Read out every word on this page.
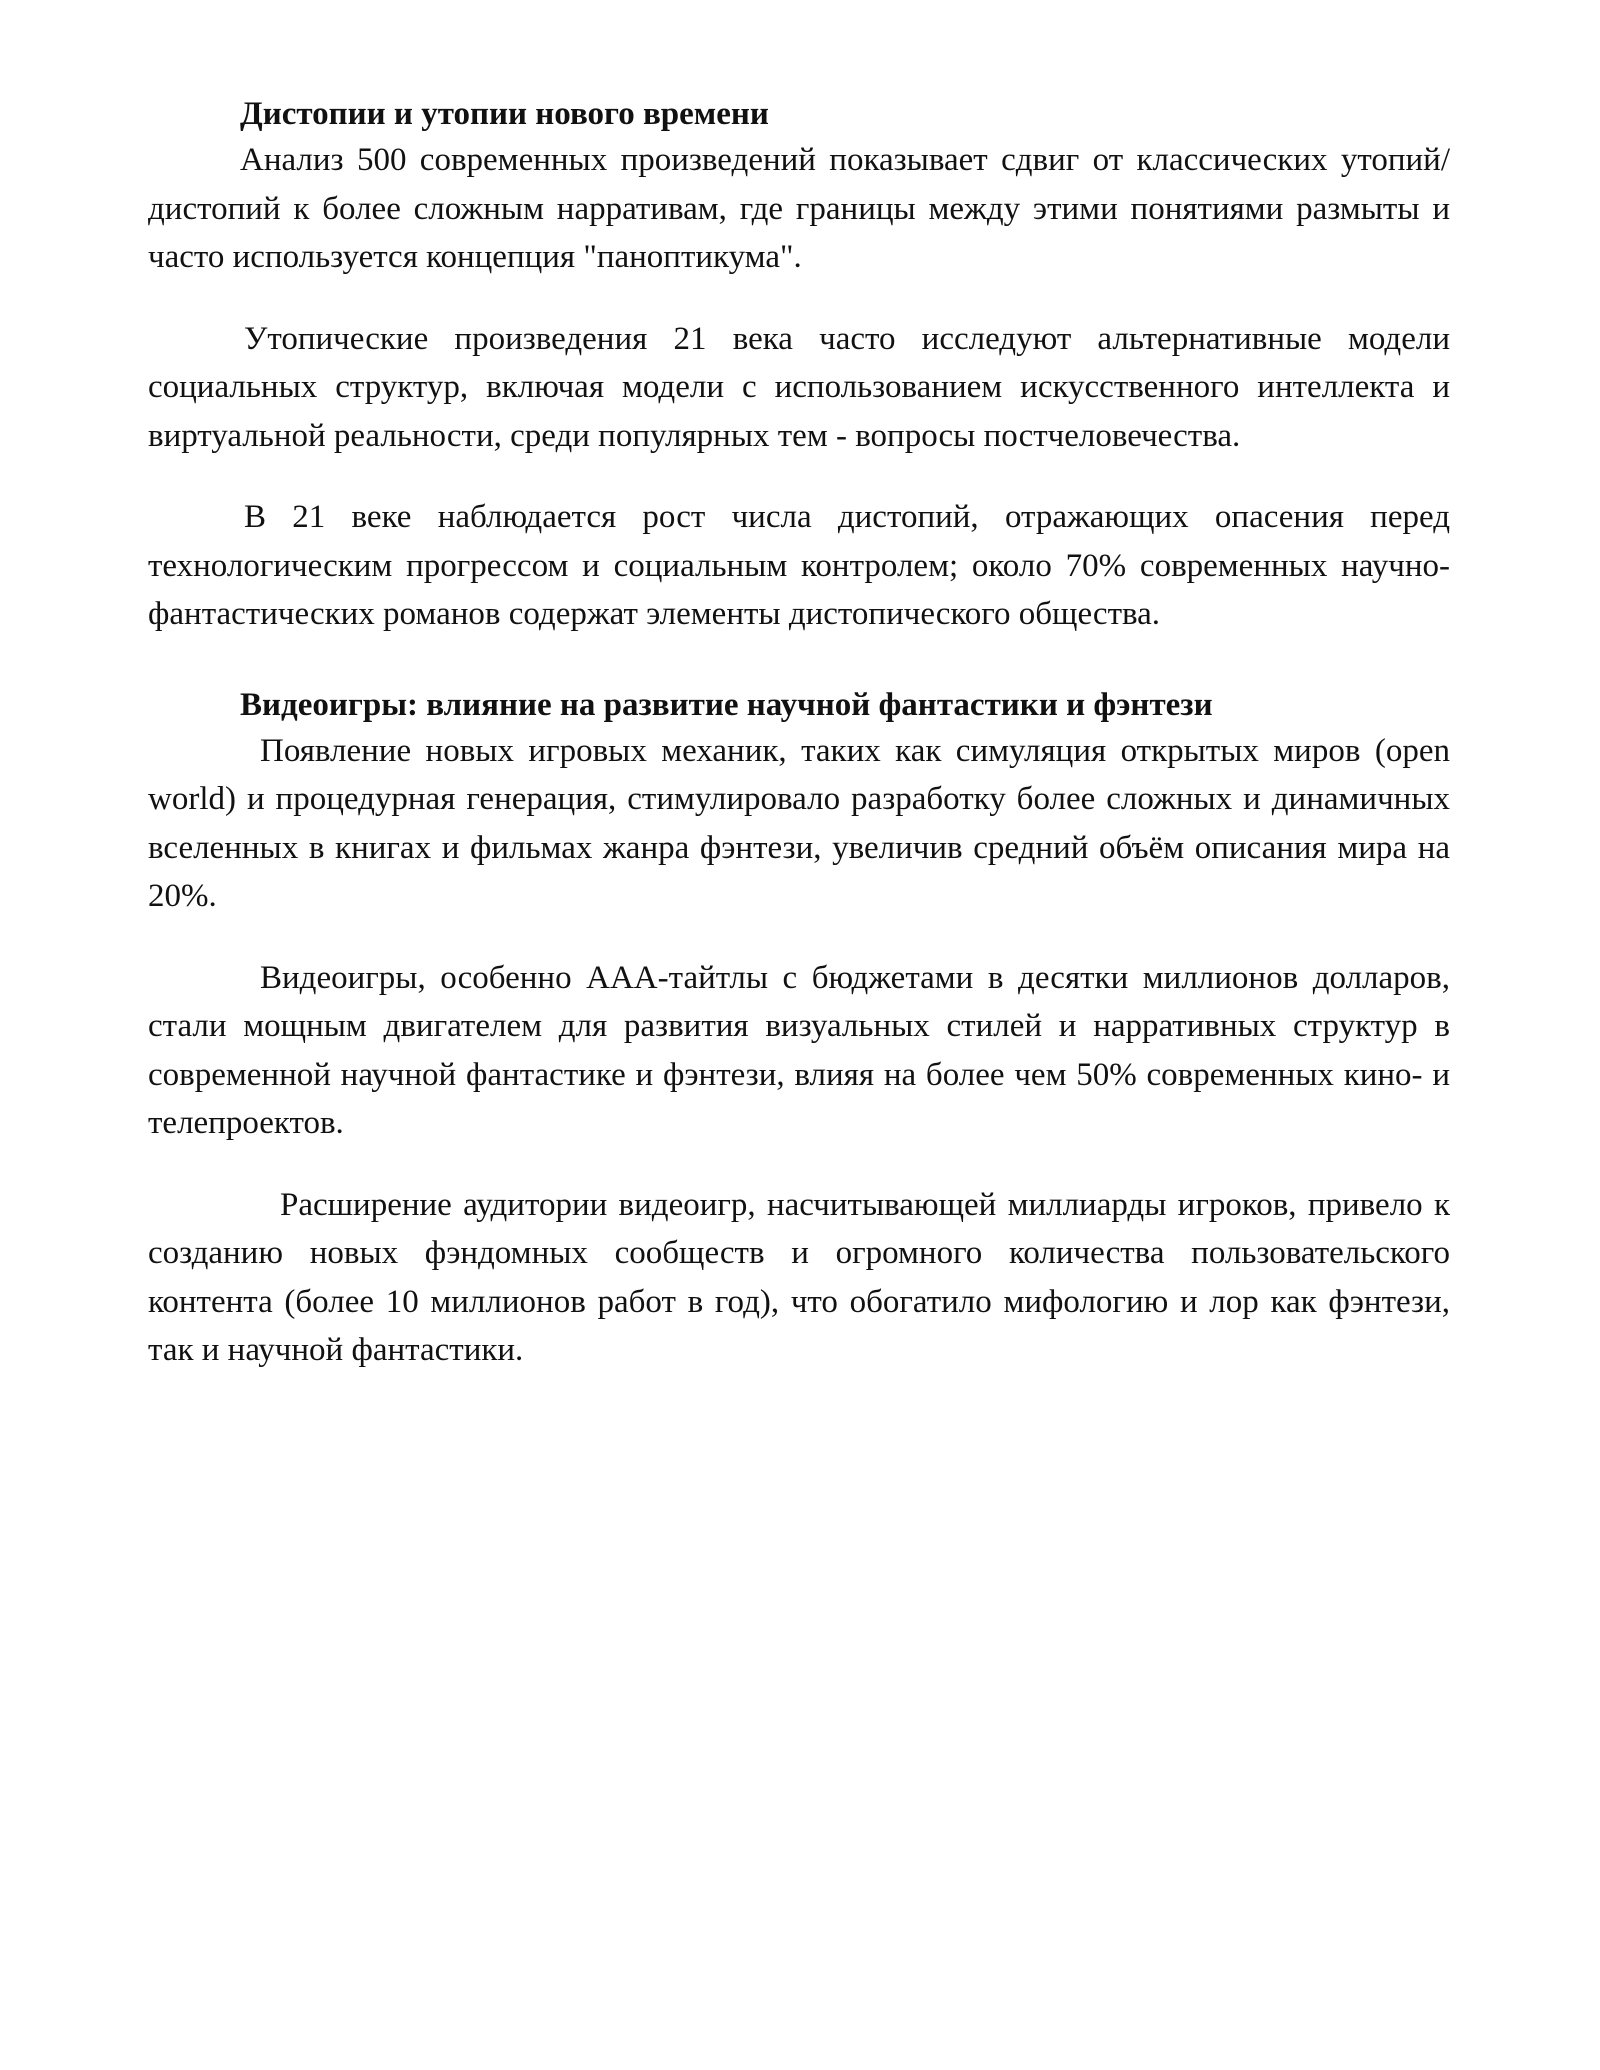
Дистопии и утопии нового времени

Анализ 500 современных произведений показывает сдвиг от классических утопий/дистопий к более сложным нарративам, где границы между этими понятиями размыты и часто используется концепция "паноптикума".

Утопические произведения 21 века часто исследуют альтернативные модели социальных структур, включая модели с использованием искусственного интеллекта и виртуальной реальности, среди популярных тем - вопросы постчеловечества.

В 21 веке наблюдается рост числа дистопий, отражающих опасения перед технологическим прогрессом и социальным контролем; около 70% современных научно-фантастических романов содержат элементы дистопического общества.

Видеоигры: влияние на развитие научной фантастики и фэнтези

Появление новых игровых механик, таких как симуляция открытых миров (open world) и процедурная генерация, стимулировало разработку более сложных и динамичных вселенных в книгах и фильмах жанра фэнтези, увеличив средний объём описания мира на 20%.

Видеоигры, особенно AAA-тайтлы с бюджетами в десятки миллионов долларов, стали мощным двигателем для развития визуальных стилей и нарративных структур в современной научной фантастике и фэнтези, влияя на более чем 50% современных кино- и телепроектов.

Расширение аудитории видеоигр, насчитывающей миллиарды игроков, привело к созданию новых фэндомных сообществ и огромного количества пользовательского контента (более 10 миллионов работ в год), что обогатило мифологию и лор как фэнтези, так и научной фантастики.
